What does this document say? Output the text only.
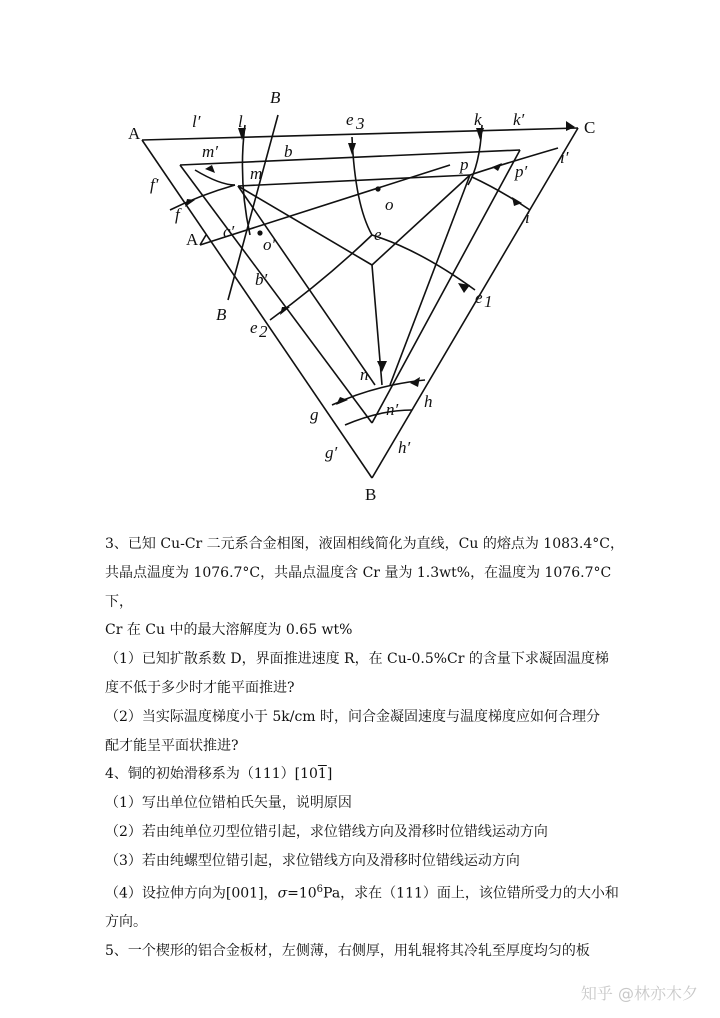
A	C
B
l′ l
B
e 3	k k′
m′	b
m	p	p′
i′
f′
f
o
i
c′
A	e
o′
b′
e 1
B
e 2
n
n′
g
h
g′	h′

3、已知 Cu-Cr 二元系合金相图，液固相线简化为直线，Cu 的熔点为 1083.4°C，

共晶点温度为 1076.7°C，共晶点温度含 Cr 量为 1.3wt%，在温度为 1076.7°C下，

Cr 在 Cu 中的最大溶解度为 0.65 wt%

（1）已知扩散系数 D，界面推进速度 R，在 Cu-0.5%Cr 的含量下求凝固温度梯

度不低于多少时才能平面推进?

（2）当实际温度梯度小于 5k/cm 时，问合金凝固速度与温度梯度应如何合理分

配才能呈平面状推进?

4、铜的初始滑移系为（111）[101]

（1）写出单位位错柏氏矢量，说明原因

（2）若由纯单位刃型位错引起，求位错线方向及滑移时位错线运动方向

（3）若由纯螺型位错引起，求位错线方向及滑移时位错线运动方向

（4）设拉伸方向为[001]，$\sigma=10^6Pa$，求在（111）面上，该位错所受力的大小和

方向。

5、一个楔形的铝合金板材，左侧薄，右侧厚，用轧辊将其冷轧至厚度均匀的板

知乎 @林亦木夕
